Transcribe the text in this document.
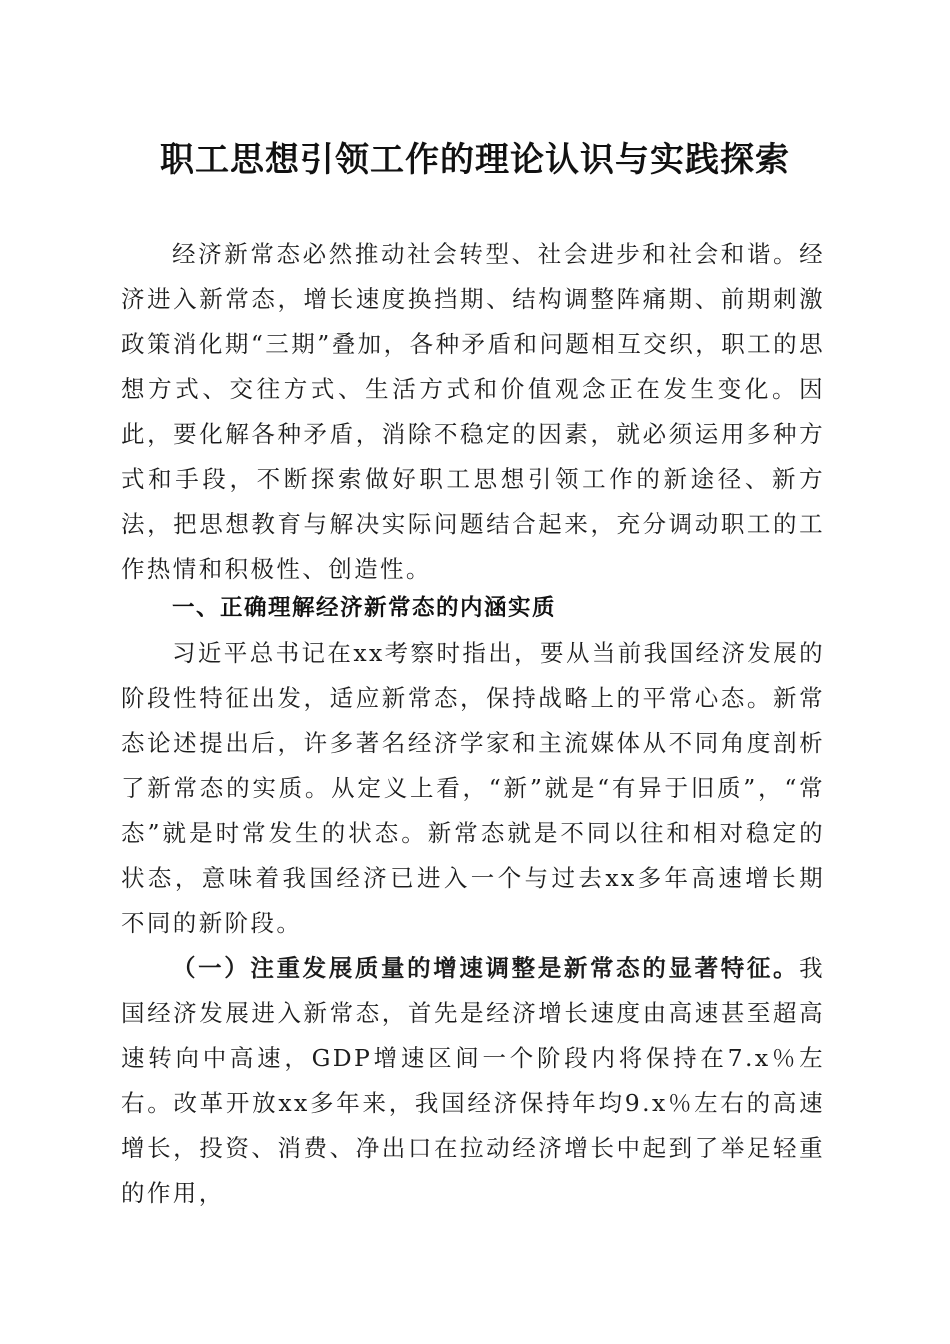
职工思想引领工作的理论认识与实践探索

经济新常态必然推动社会转型、社会进步和社会和谐。经济进入新常态，增长速度换挡期、结构调整阵痛期、前期刺激政策消化期“三期”叠加，各种矛盾和问题相互交织，职工的思想方式、交往方式、生活方式和价值观念正在发生变化。因此，要化解各种矛盾，消除不稳定的因素，就必须运用多种方式和手段，不断探索做好职工思想引领工作的新途径、新方法，把思想教育与解决实际问题结合起来，充分调动职工的工作热情和积极性、创造性。

一、正确理解经济新常态的内涵实质

习近平总书记在xx考察时指出，要从当前我国经济发展的阶段性特征出发，适应新常态，保持战略上的平常心态。新常态论述提出后，许多著名经济学家和主流媒体从不同角度剖析了新常态的实质。从定义上看，“新”就是“有异于旧质”，“常态”就是时常发生的状态。新常态就是不同以往和相对稳定的状态，意味着我国经济已进入一个与过去xx多年高速增长期不同的新阶段。

（一）注重发展质量的增速调整是新常态的显著特征。我国经济发展进入新常态，首先是经济增长速度由高速甚至超高速转向中高速，GDP增速区间一个阶段内将保持在7.x％左右。改革开放xx多年来，我国经济保持年均9.x％左右的高速增长，投资、消费、净出口在拉动经济增长中起到了举足轻重的作用，
